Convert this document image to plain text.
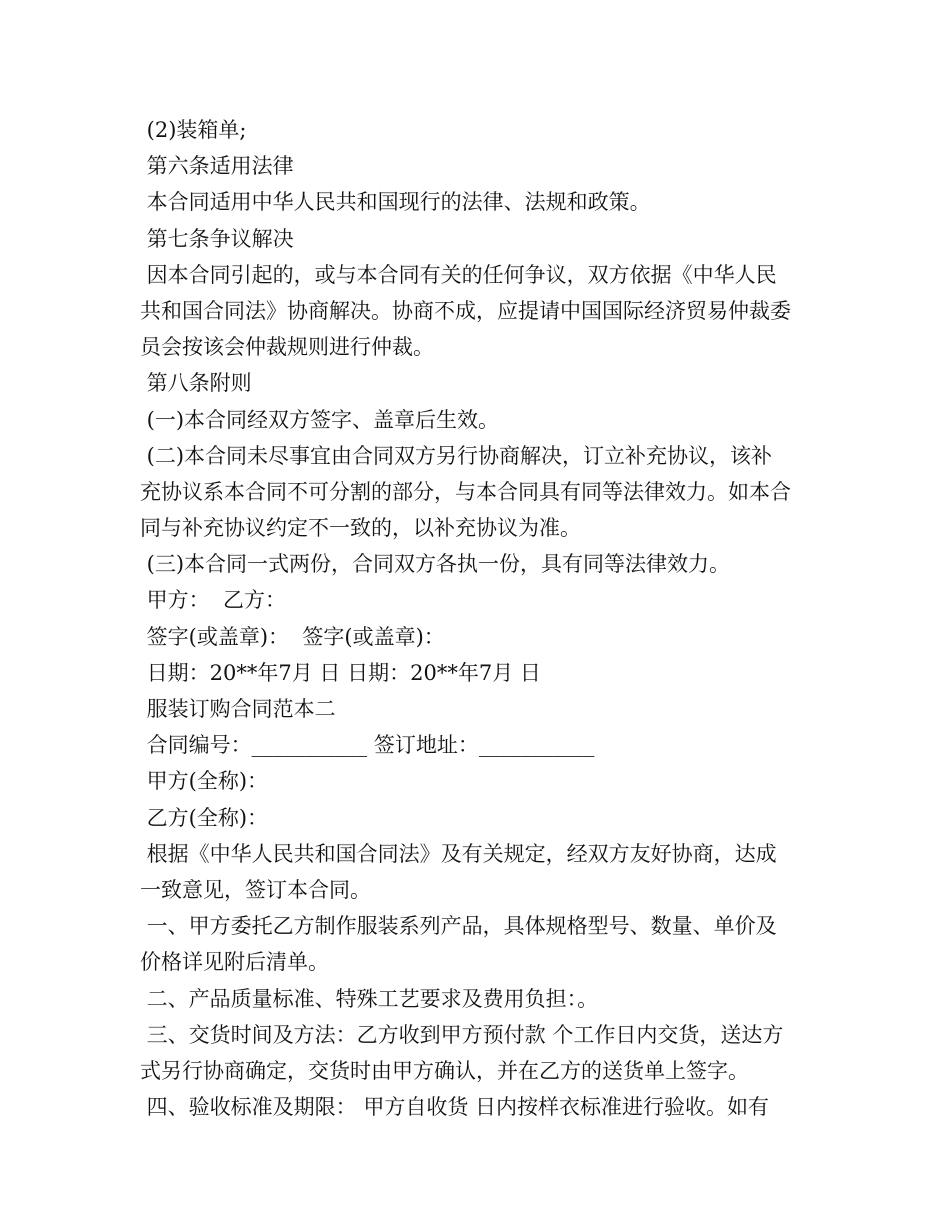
(2)装箱单;
第六条适用法律
本合同适用中华人民共和国现行的法律、法规和政策。
第七条争议解决
因本合同引起的，或与本合同有关的任何争议，双方依据《中华人民
共和国合同法》协商解决。协商不成，应提请中国国际经济贸易仲裁委
员会按该会仲裁规则进行仲裁。
第八条附则
(一)本合同经双方签字、盖章后生效。
(二)本合同未尽事宜由合同双方另行协商解决，订立补充协议，该补
充协议系本合同不可分割的部分，与本合同具有同等法律效力。如本合
同与补充协议约定不一致的，以补充协议为准。
(三)本合同一式两份，合同双方各执一份，具有同等法律效力。
甲方：  乙方：
签字(或盖章)：  签字(或盖章)：
日期：20**年7月 日 日期：20**年7月 日
服装订购合同范本二
合同编号：___________ 签订地址：___________
甲方(全称)：
乙方(全称)：
根据《中华人民共和国合同法》及有关规定，经双方友好协商，达成
一致意见，签订本合同。
一、甲方委托乙方制作服装系列产品，具体规格型号、数量、单价及
价格详见附后清单。
二、产品质量标准、特殊工艺要求及费用负担：。
三、交货时间及方法：乙方收到甲方预付款 个工作日内交货，送达方
式另行协商确定，交货时由甲方确认，并在乙方的送货单上签字。
四、验收标准及期限： 甲方自收货 日内按样衣标准进行验收。如有
